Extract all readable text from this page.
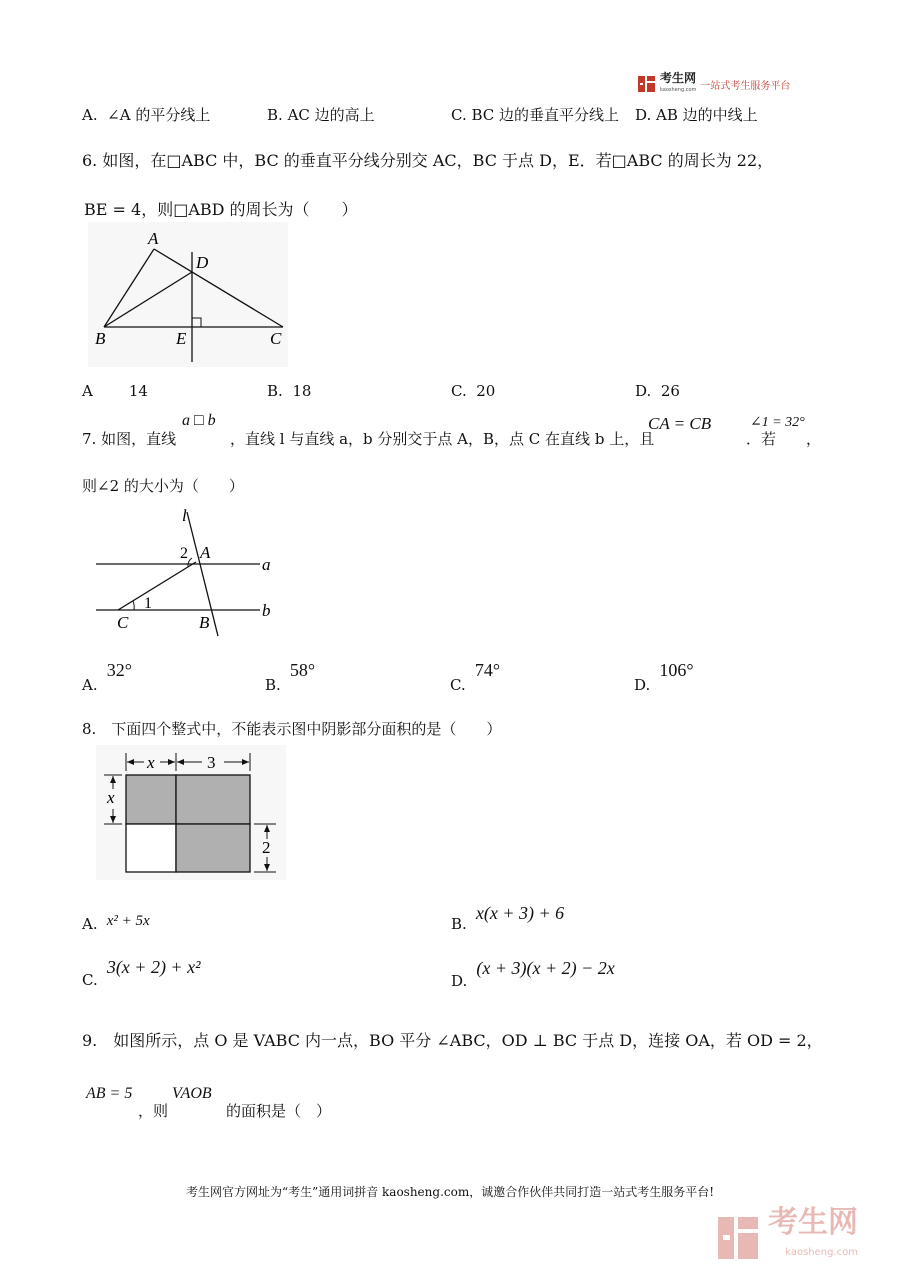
考生网
kaosheng.com 一站式考生服务平台
A. ∠A 的平分线上	B. AC 边的高上	C. BC 边的垂直平分线上 D. AB 边的中线上
6. 如图，在□ABC 中，BC 的垂直平分线分别交 AC，BC 于点 D，E．若□ABC 的周长为 22，
BE = 4，则□ABD 的周长为（　　）
A
D
B	E	C
A 14	B. 18	C. 20	D. 26
7. 如图，直线
a □ b
，直线 l 与直线 a，b 分别交于点 A，B，点 C 在直线 b 上，且
CA = CB
．若
∠1 = 32°
，
则∠2 的大小为（　　）
l
A
a
b
C	B
1
2
A. 32°
B. 58°
C. 74°
D. 106°
8.　下面四个整式中，不能表示图中阴影部分面积的是（　　）
x	3
x
2
A. x² + 5x	B. x(x + 3) + 6
C. 3(x + 2) + x²
D. (x + 3)(x + 2) − 2x
9.　如图所示，点 O 是 VABC 内一点，BO 平分 ∠ABC，OD ⊥ BC 于点 D，连接 OA，若 OD = 2，
AB = 5
，则
VAOB
的面积是（　）
考生网官方网址为“考生”通用词拼音 kaosheng.com，诚邀合作伙伴共同打造一站式考生服务平台!
考生网
kaosheng.com
